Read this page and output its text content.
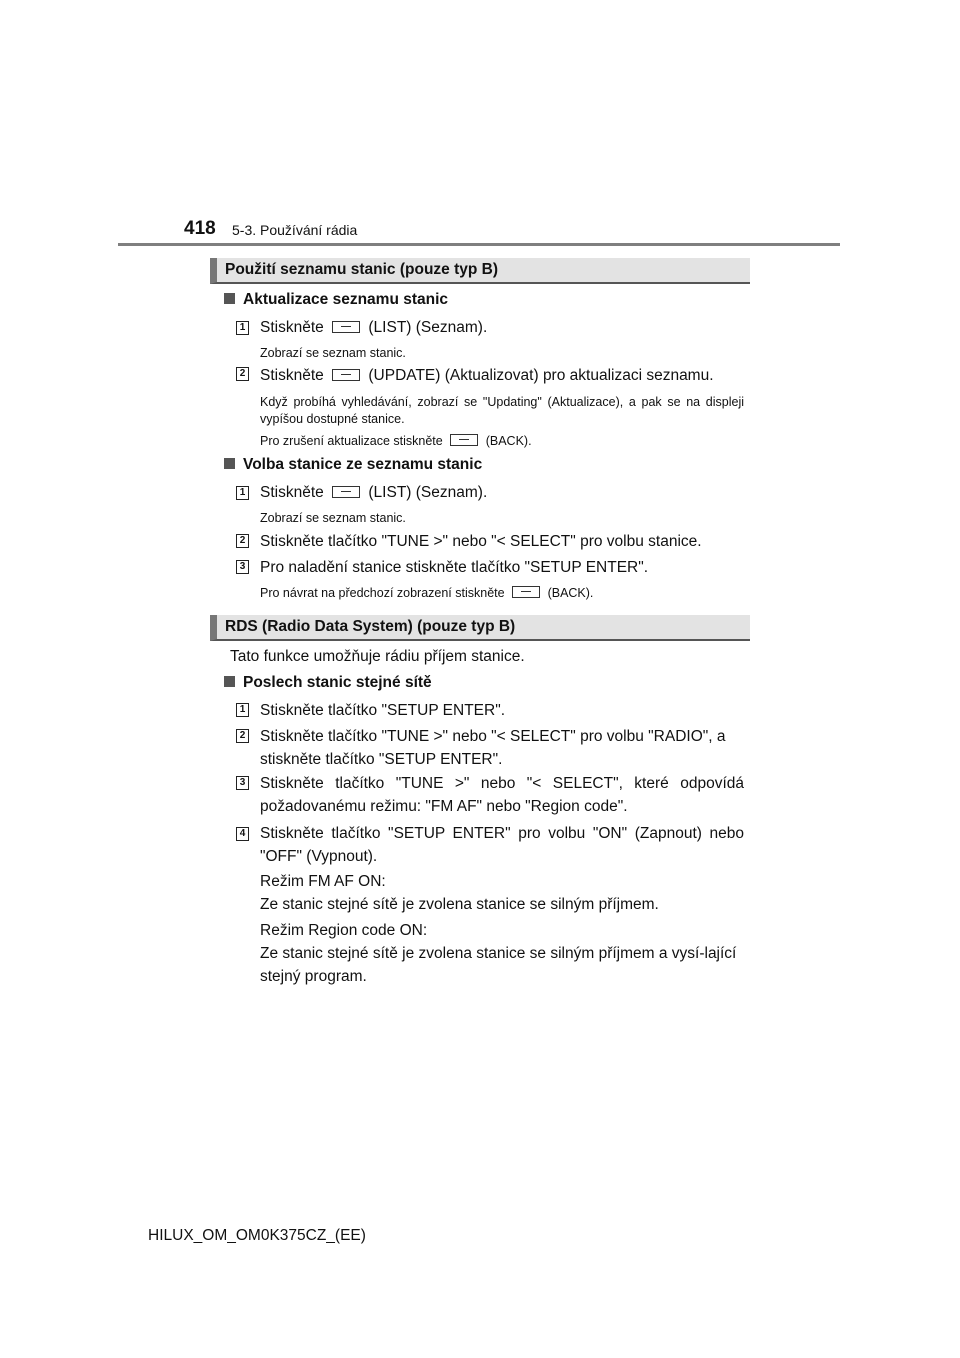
418 5-3. Používání rádia
Použití seznamu stanic (pouze typ B)
Aktualizace seznamu stanic
1 Stiskněte	(LIST) (Seznam).
Zobrazí se seznam stanic.
2 Stiskněte	(UPDATE) (Aktualizovat) pro aktualizaci seznamu.
Když probíhá vyhledávání, zobrazí se "Updating" (Aktualizace), a pak se na displeji vypíšou dostupné stanice.
Pro zrušení aktualizace stiskněte	(BACK).
Volba stanice ze seznamu stanic
1 Stiskněte	(LIST) (Seznam).
Zobrazí se seznam stanic.
2 Stiskněte tlačítko "TUNE >" nebo "< SELECT" pro volbu stanice.
3 Pro naladění stanice stiskněte tlačítko "SETUP ENTER".
Pro návrat na předchozí zobrazení stiskněte	(BACK).
RDS (Radio Data System) (pouze typ B)
Tato funkce umožňuje rádiu příjem stanice.
Poslech stanic stejné sítě
1 Stiskněte tlačítko "SETUP ENTER".
2 Stiskněte tlačítko "TUNE >" nebo "< SELECT" pro volbu "RADIO", a stiskněte tlačítko "SETUP ENTER".
3 Stiskněte tlačítko "TUNE >" nebo "< SELECT", které odpovídá požadovanému režimu: "FM AF" nebo "Region code".
4 Stiskněte tlačítko "SETUP ENTER" pro volbu "ON" (Zapnout) nebo "OFF" (Vypnout).
Režim FM AF ON:
Ze stanic stejné sítě je zvolena stanice se silným příjmem.
Režim Region code ON:
Ze stanic stejné sítě je zvolena stanice se silným příjmem a vysí-lající stejný program.
HILUX_OM_OM0K375CZ_(EE)
